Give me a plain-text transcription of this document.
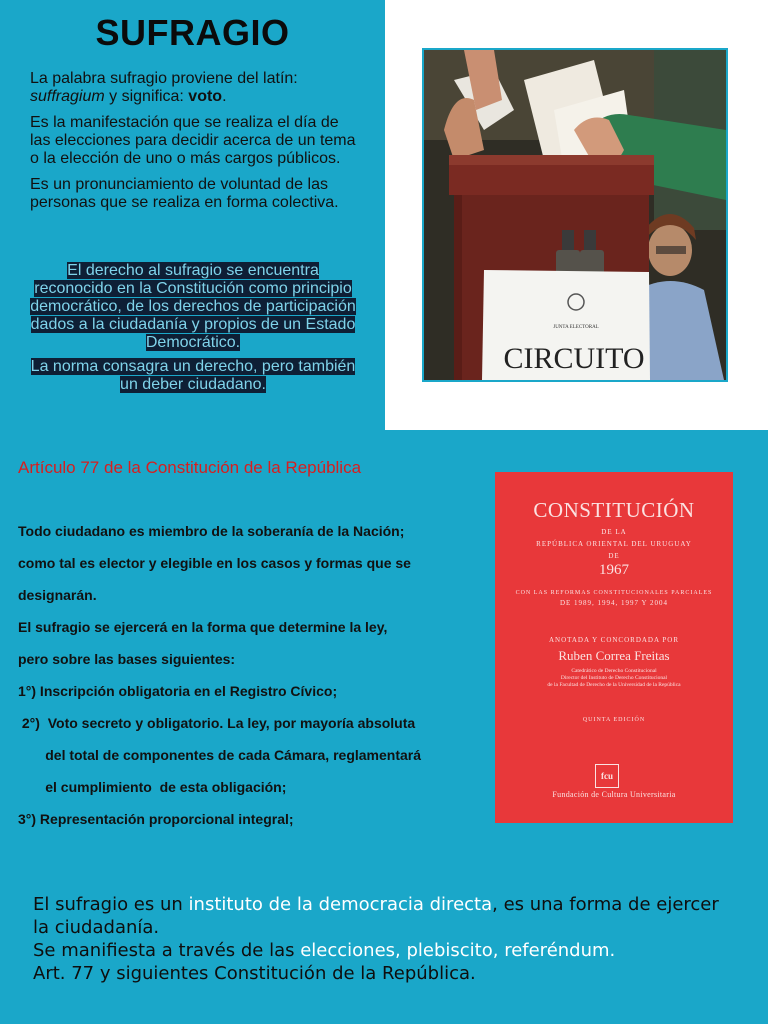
SUFRAGIO

La palabra sufragio proviene del latín: suffragium y significa: voto.

Es la manifestación que se realiza el día de las elecciones para decidir acerca de un tema o la elección de uno o más cargos públicos.

Es un pronunciamiento de voluntad de las personas que se realiza en forma colectiva.

El derecho al sufragio se encuentra reconocido en la Constitución como principio democrático, de los derechos de participación dados a la ciudadanía y propios de un Estado Democrático.

La norma consagra un derecho, pero también un deber ciudadano.

JUNTA ELECTORAL
CIRCUITO
Artículo 77 de la Constitución de la República
Todo ciudadano es miembro de la soberanía de la Nación;
como tal es elector y elegible en los casos y formas que se
designarán.
El sufragio se ejercerá en la forma que determine la ley,
pero sobre las bases siguientes:
1°) Inscripción obligatoria en el Registro Cívico;
2°)  Voto secreto y obligatorio. La ley, por mayoría absoluta
del total de componentes de cada Cámara, reglamentará
el cumplimiento  de esta obligación;
3°) Representación proporcional integral;
CONSTITUCIÓN
DE LA
REPÚBLICA ORIENTAL DEL URUGUAY
DE
1967
CON LAS REFORMAS CONSTITUCIONALES PARCIALES
DE 1989, 1994, 1997 Y 2004
ANOTADA Y CONCORDADA POR
Ruben Correa Freitas
Catedrático de Derecho Constitucional
Director del Instituto de Derecho Constitucional
de la Facultad de Derecho de la Universidad de la República
QUINTA EDICIÓN
fcu
Fundación de Cultura Universitaria
El sufragio es un instituto de la democracia directa, es una forma de ejercer la ciudadanía.
Se manifiesta a través de las elecciones, plebiscito, referéndum.
Art. 77 y siguientes Constitución de la República.
